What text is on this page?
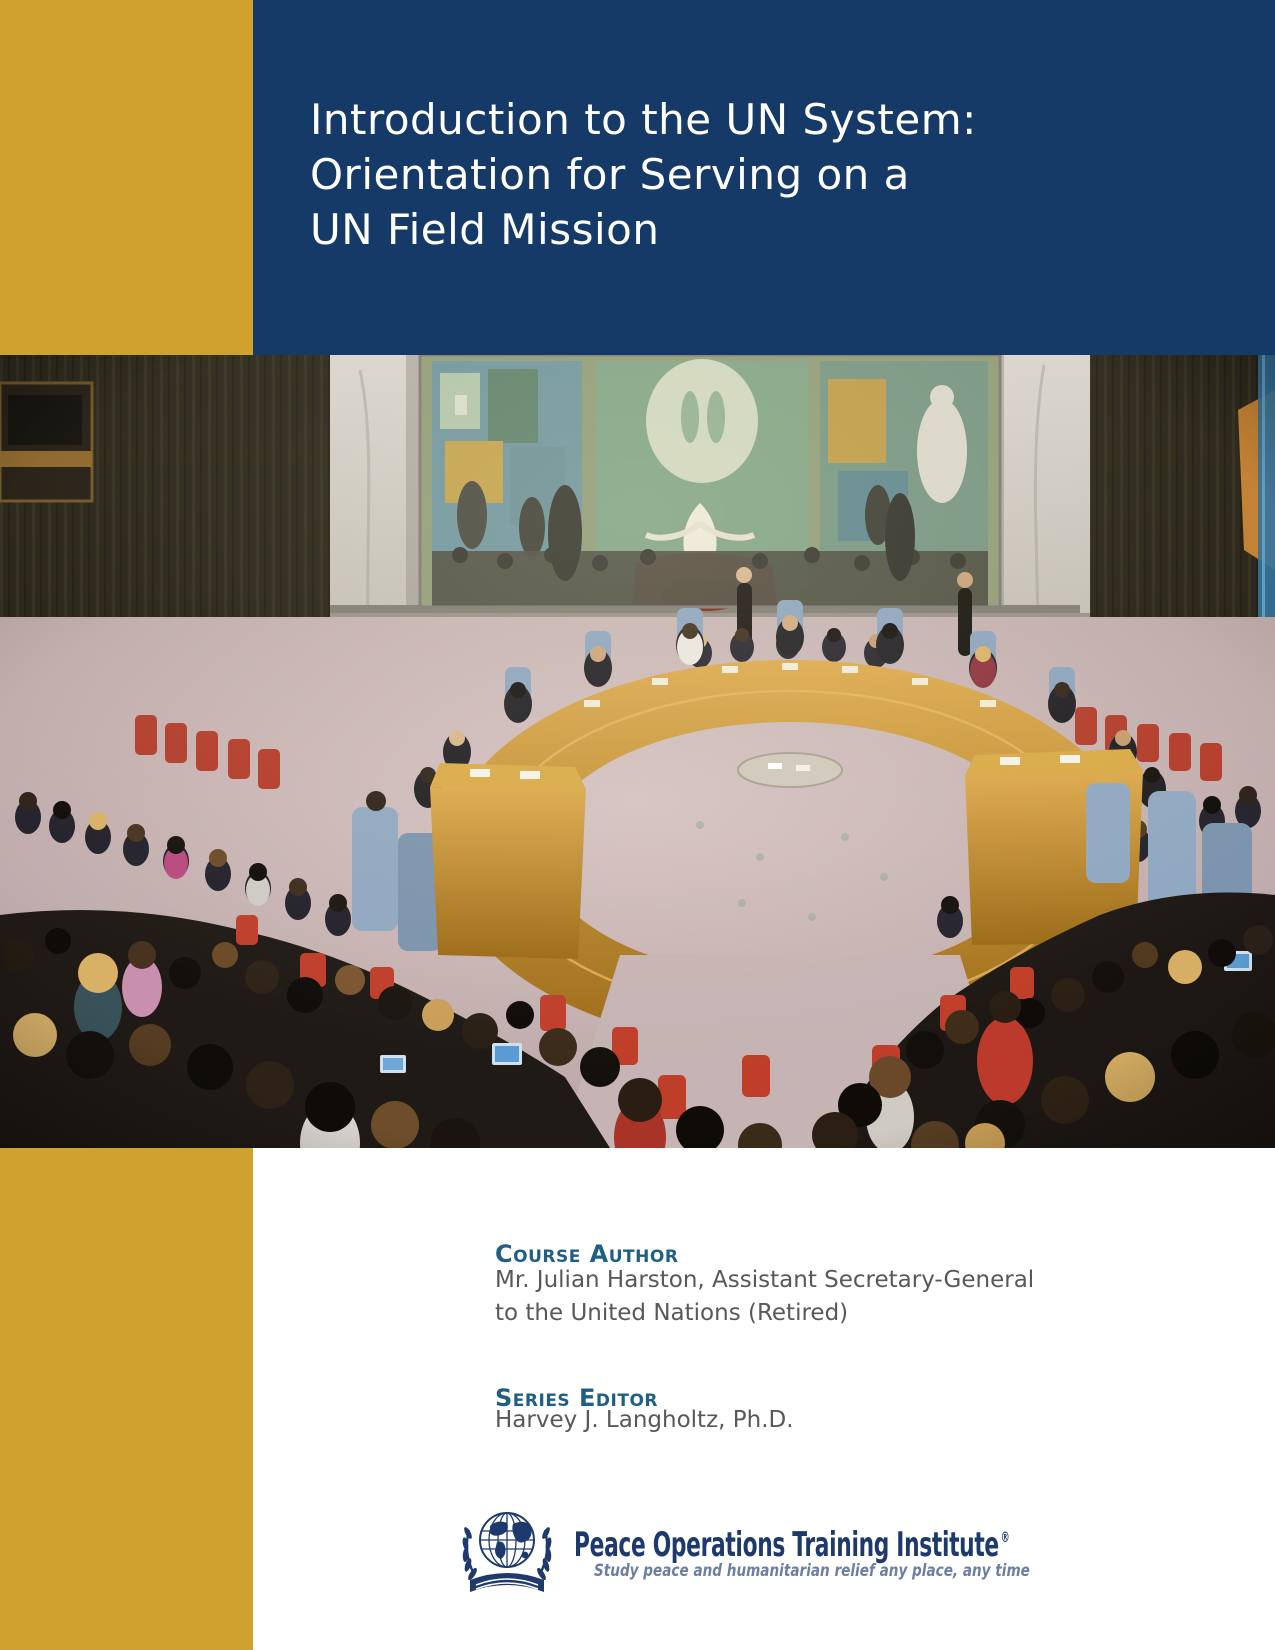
Introduction to the UN System:
Orientation for Serving on a
UN Field Mission
Course Author
Mr. Julian Harston, Assistant Secretary-General
to the United Nations (Retired)
Series Editor
Harvey J. Langholtz, Ph.D.
Peace Operations Training Institute ®
Study peace and humanitarian relief any place, any time
